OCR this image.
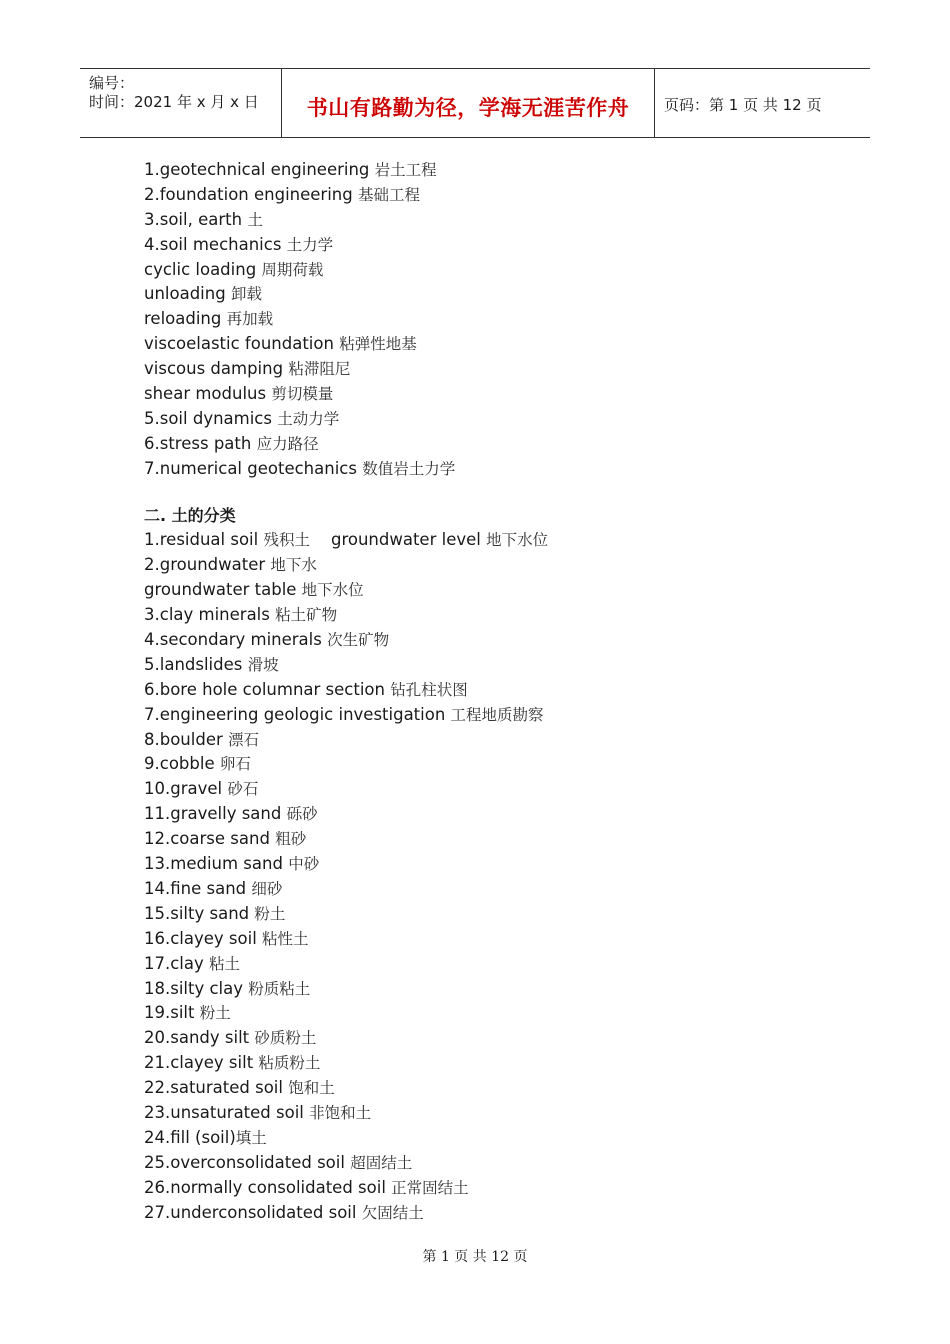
编号：
时间：2021 年 x 月 x 日	书山有路勤为径，学海无涯苦作舟	页码：第 1 页 共 12 页
1.geotechnical engineering 岩土工程
2.foundation engineering 基础工程
3.soil, earth 土
4.soil mechanics 土力学
cyclic loading 周期荷载
unloading 卸载
reloading 再加载
viscoelastic foundation 粘弹性地基
viscous damping 粘滞阻尼
shear modulus 剪切模量
5.soil dynamics 土动力学
6.stress path 应力路径
7.numerical geotechanics 数值岩土力学
二. 土的分类
1.residual soil 残积土    groundwater level 地下水位
2.groundwater 地下水
groundwater table 地下水位
3.clay minerals 粘土矿物
4.secondary minerals 次生矿物
5.landslides 滑坡
6.bore hole columnar section 钻孔柱状图
7.engineering geologic investigation 工程地质勘察
8.boulder 漂石
9.cobble 卵石
10.gravel 砂石
11.gravelly sand 砾砂
12.coarse sand 粗砂
13.medium sand 中砂
14.fine sand 细砂
15.silty sand 粉土
16.clayey soil 粘性土
17.clay 粘土
18.silty clay 粉质粘土
19.silt 粉土
20.sandy silt 砂质粉土
21.clayey silt 粘质粉土
22.saturated soil 饱和土
23.unsaturated soil 非饱和土
24.fill (soil)填土
25.overconsolidated soil 超固结土
26.normally consolidated soil 正常固结土
27.underconsolidated soil 欠固结土
第 1 页 共 12 页
